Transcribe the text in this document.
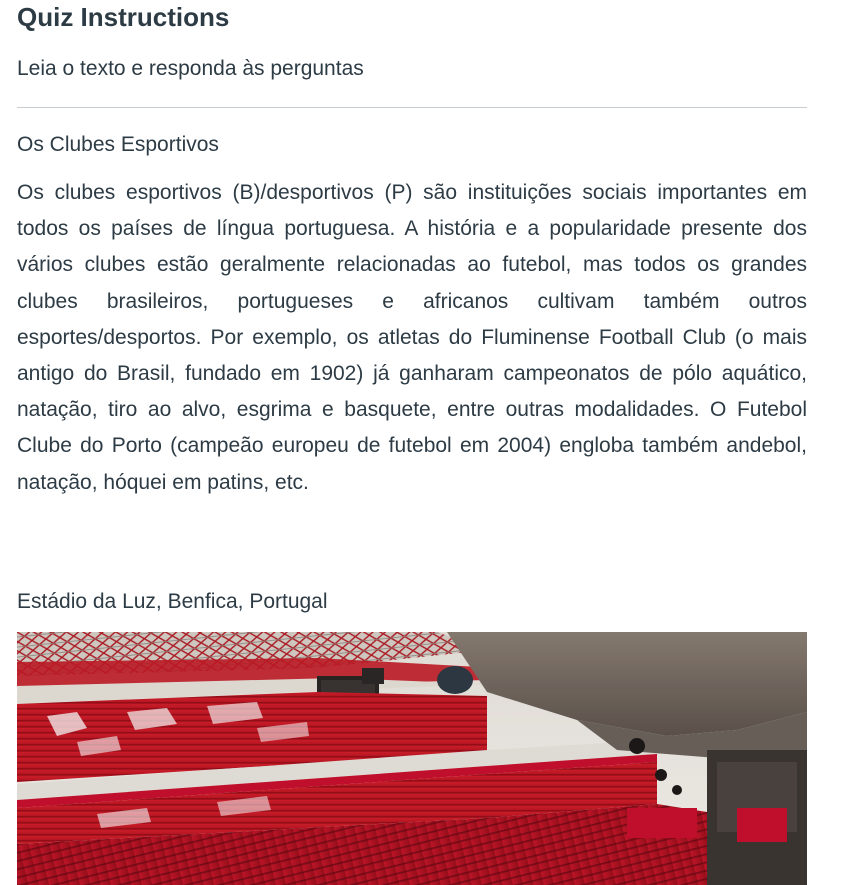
Quiz Instructions
Leia o texto e responda às perguntas
Os Clubes Esportivos

Os clubes esportivos (B)/desportivos (P) são instituições sociais importantes em todos os países de língua portuguesa. A história e a popularidade presente dos vários clubes estão geralmente relacionadas ao futebol, mas todos os grandes clubes brasileiros, portugueses e africanos cultivam também outros esportes/desportos. Por exemplo, os atletas do Fluminense Football Club (o mais antigo do Brasil, fundado em 1902) já ganharam campeonatos de pólo aquático, natação, tiro ao alvo, esgrima e basquete, entre outras modalidades. O Futebol Clube do Porto (campeão europeu de futebol em 2004) engloba também andebol, natação, hóquei em patins, etc.

Estádio da Luz, Benfica, Portugal
